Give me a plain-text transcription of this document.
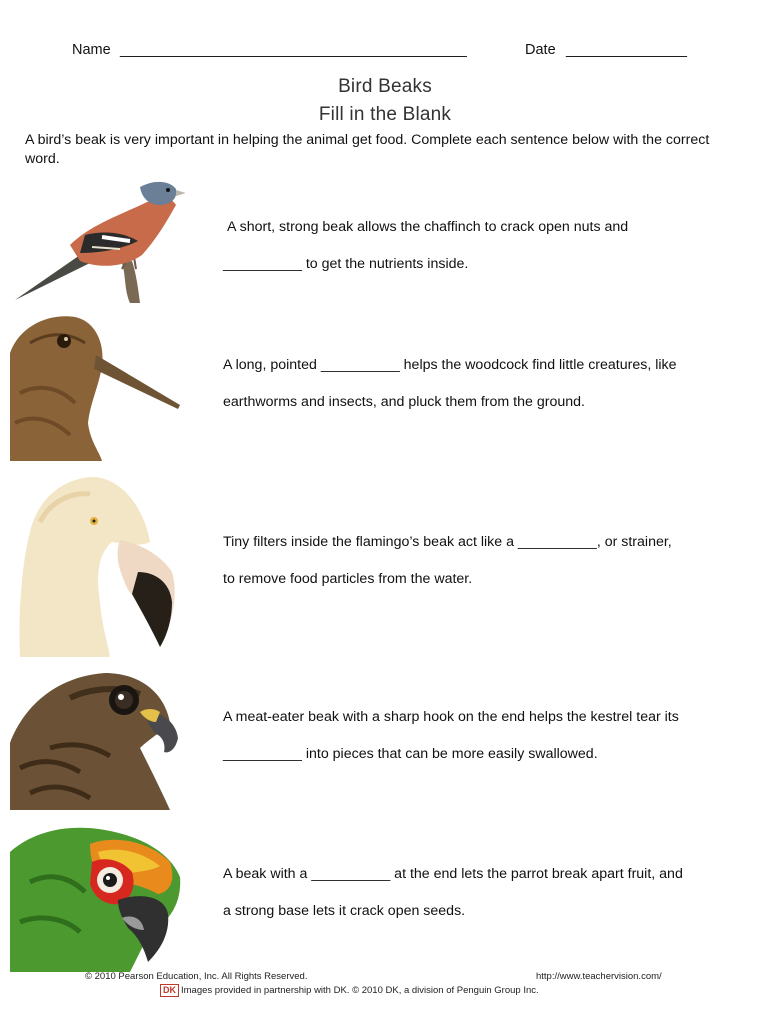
Name ___________________________________________	Date _______________
Bird Beaks
Fill in the Blank
A bird’s beak is very important in helping the animal get food. Complete each sentence below with the correct word.
A short, strong beak allows the chaffinch to crack open nuts and
__________ to get the nutrients inside.
A long, pointed __________ helps the woodcock find little creatures, like
earthworms and insects, and pluck them from the ground.
Tiny filters inside the flamingo’s beak act like a __________, or strainer,
to remove food particles from the water.
A meat-eater beak with a sharp hook on the end helps the kestrel tear its
__________ into pieces that can be more easily swallowed.
A beak with a __________ at the end lets the parrot break apart fruit, and
a strong base lets it crack open seeds.
© 2010 Pearson Education, Inc. All Rights Reserved.	http://www.teachervision.com/
DK Images provided in partnership with DK. © 2010 DK, a division of Penguin Group Inc.
